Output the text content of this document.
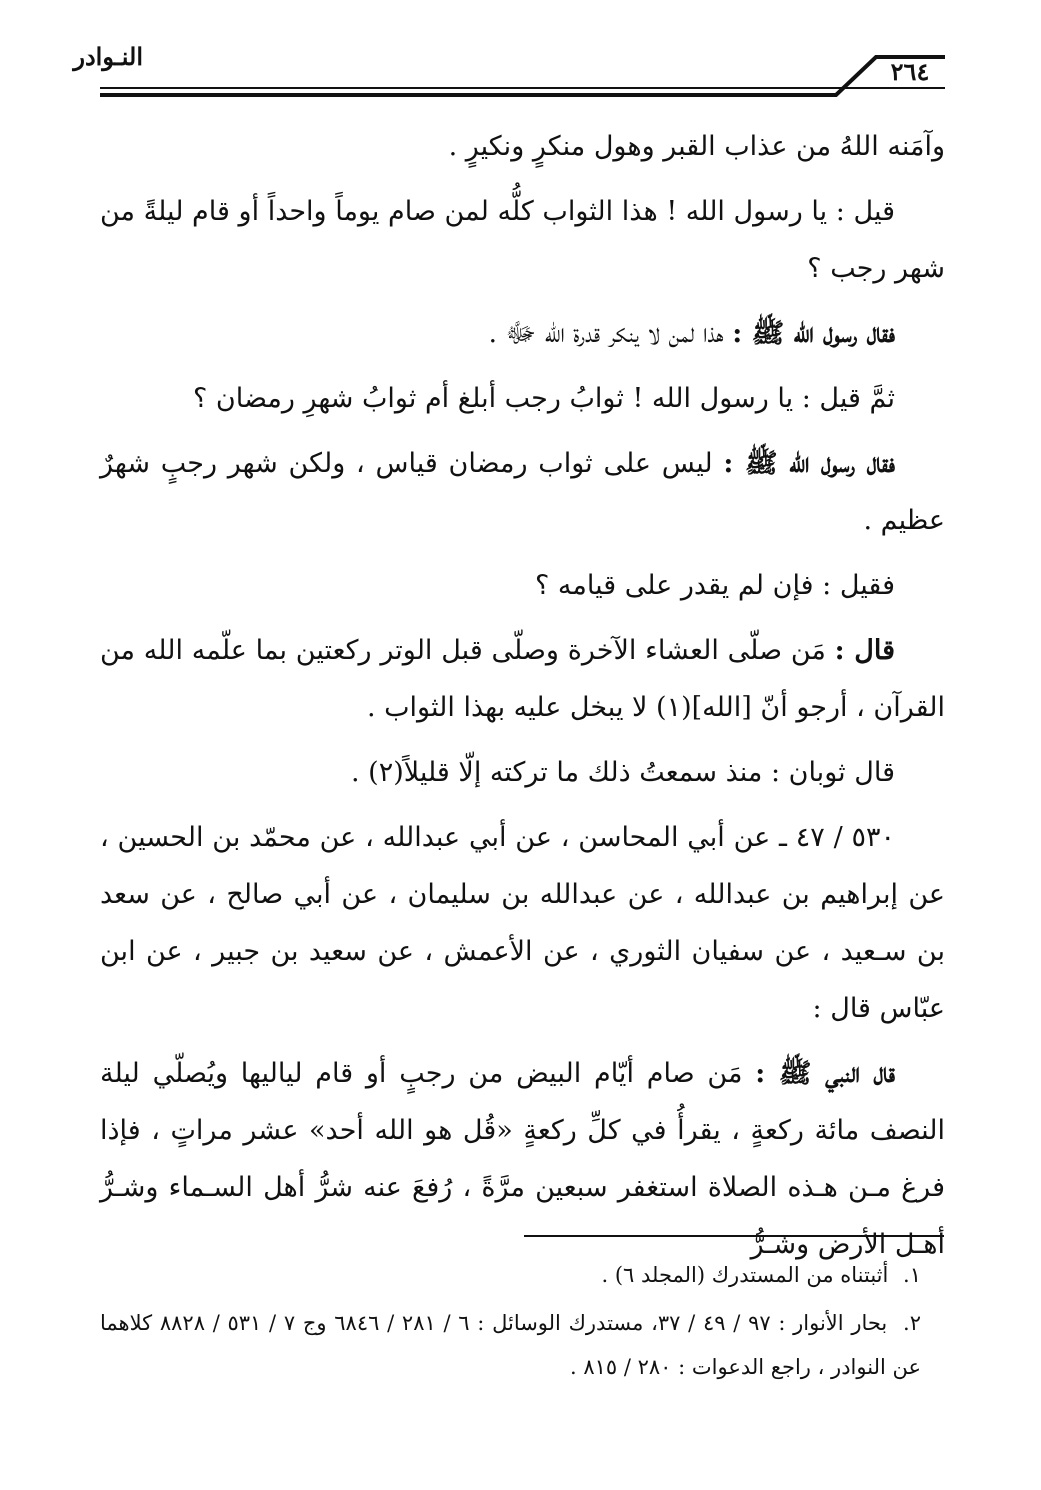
النـوادر
٢٦٤

وآمَنه اللهُ من عذاب القبر وهول منكرٍ ونكيرٍ .

قيل : يا رسول الله ! هذا الثواب كلُّه لمن صام يوماً واحداً أو قام ليلةً من شهر رجب ؟

فقال رسول الله ﷺ : هذا لمن لا ينكر قدرة الله ﷻ .

ثمَّ قيل : يا رسول الله ! ثوابُ رجب أبلغ أم ثوابُ شهرِ رمضان ؟

فقال رسول الله ﷺ : ليس على ثواب رمضان قياس ، ولكن شهر رجبٍ شهرٌ عظيم .

فقيل : فإن لم يقدر على قيامه ؟

قال : مَن صلّى العشاء الآخرة وصلّى قبل الوتر ركعتين بما علّمه الله من القرآن ، أرجو أنّ [الله](١) لا يبخل عليه بهذا الثواب .

قال ثوبان : منذ سمعتُ ذلك ما تركته إلّا قليلاً(٢) .

٥٣٠ / ٤٧ ـ عن أبي المحاسن ، عن أبي عبدالله ، عن محمّد بن الحسين ، عن إبراهيم بن عبدالله ، عن عبدالله بن سليمان ، عن أبي صالح ، عن سعد بن سـعيد ، عن سفيان الثوري ، عن الأعمش ، عن سعيد بن جبير ، عن ابن عبّاس قال :

قال النبي ﷺ : مَن صام أيّام البيض من رجبٍ أو قام لياليها ويُصلّي ليلة النصف مائة ركعةٍ ، يقرأُ في كلِّ ركعةٍ «قُل هو الله أحد» عشر مراتٍ ، فإذا فرغ مـن هـذه الصلاة استغفر سبعين مرَّةً ، رُفعَ عنه شرُّ أهل السـماء وشـرُّ أهـل الأرض وشـرُّ

١. أثبتناه من المستدرك (المجلد ٦) .

٢. بحار الأنوار : ٩٧ / ٤٩ / ٣٧، مستدرك الوسائل : ٦ / ٢٨١ / ٦٨٤٦ وج ٧ / ٥٣١ / ٨٨٢٨ كلاهما عن النوادر ، راجع الدعوات : ٢٨٠ / ٨١٥ .
